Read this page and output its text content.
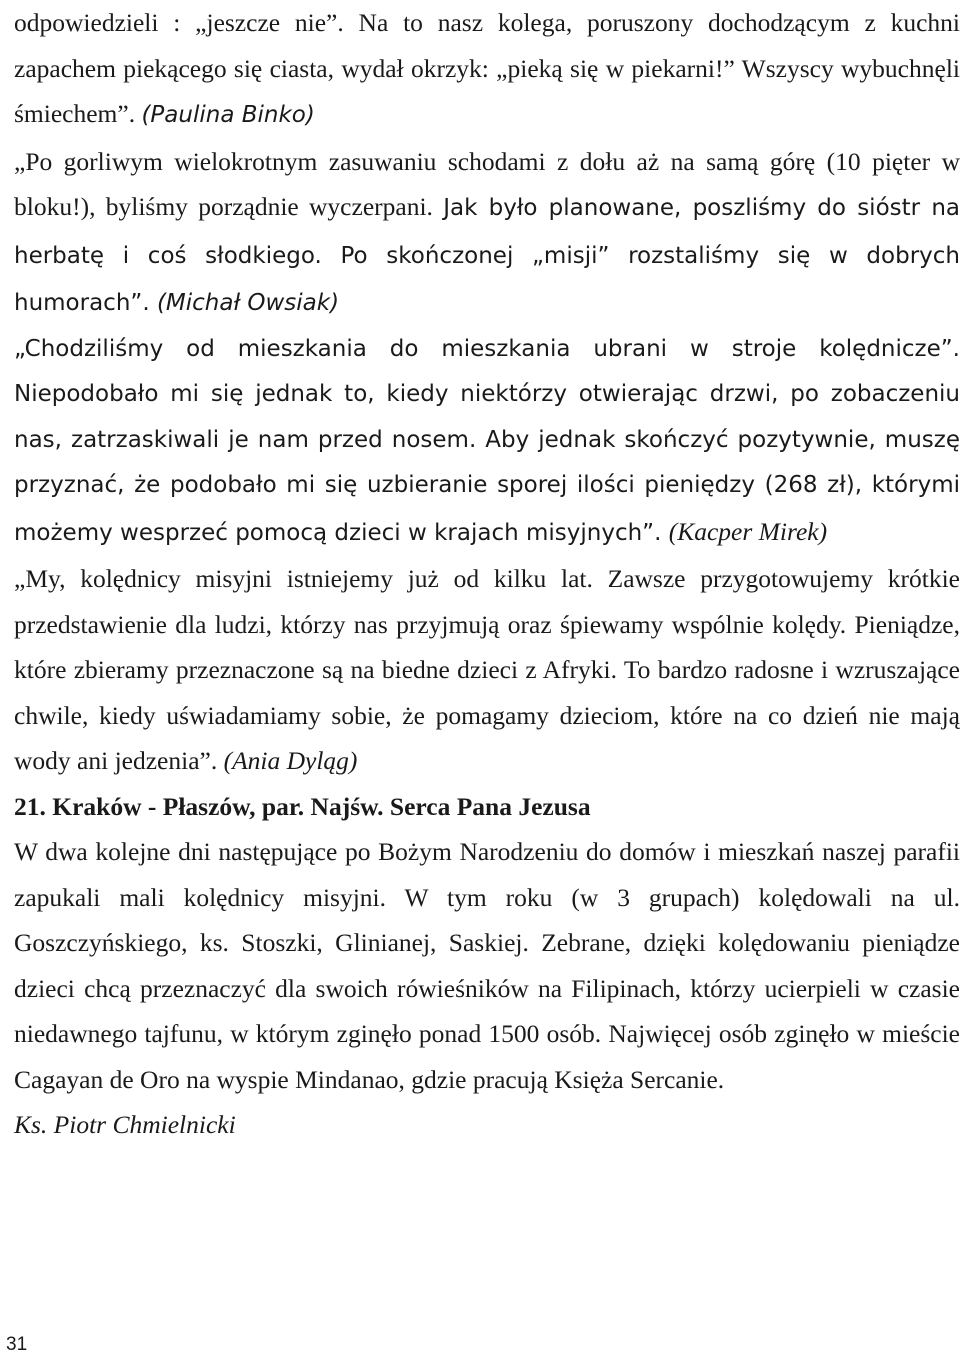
odpowiedzieli : „jeszcze nie”. Na to nasz kolega, poruszony dochodzącym z kuchni zapachem piekącego się ciasta, wydał okrzyk: „pieką się w piekarni!” Wszyscy wybuchnęli śmiechem”. (Paulina Binko)

„Po gorliwym wielokrotnym zasuwaniu schodami z dołu aż na samą górę (10 pięter w bloku!), byliśmy porządnie wyczerpani. Jak było planowane, poszliśmy do sióstr na herbatę i coś słodkiego. Po skończonej „misji” rozstaliśmy się w dobrych humorach”. (Michał Owsiak)

„Chodziliśmy od mieszkania do mieszkania ubrani w stroje kolędnicze”. Niepodobało mi się jednak to, kiedy niektórzy otwierając drzwi, po zobaczeniu nas, zatrzaskiwali je nam przed nosem. Aby jednak skończyć pozytywnie, muszę przyznać, że podobało mi się uzbieranie sporej ilości pieniędzy (268 zł), którymi możemy wesprzeć pomocą dzieci w krajach misyjnych”. (Kacper Mirek)

„My, kolędnicy misyjni istniejemy już od kilku lat. Zawsze przygotowujemy krótkie przedstawienie dla ludzi, którzy nas przyjmują oraz śpiewamy wspólnie kolędy. Pieniądze, które zbieramy przeznaczone są na biedne dzieci z Afryki. To bardzo radosne i wzruszające chwile, kiedy uświadamiamy sobie, że pomagamy dzieciom, które na co dzień nie mają wody ani jedzenia”. (Ania Dyląg)

21. Kraków - Płaszów, par. Najśw. Serca Pana Jezusa

W dwa kolejne dni następujące po Bożym Narodzeniu do domów i mieszkań naszej parafii zapukali mali kolędnicy misyjni. W tym roku (w 3 grupach) kolędowali na ul. Goszczyńskiego, ks. Stoszki, Glinianej, Saskiej. Zebrane, dzięki kolędowaniu pieniądze dzieci chcą przeznaczyć dla swoich rówieśników na Filipinach, którzy ucierpieli w czasie niedawnego tajfunu, w którym zginęło ponad 1500 osób. Najwięcej osób zginęło w mieście Cagayan de Oro na wyspie Mindanao, gdzie pracują Księża Sercanie.

Ks. Piotr Chmielnicki

31
